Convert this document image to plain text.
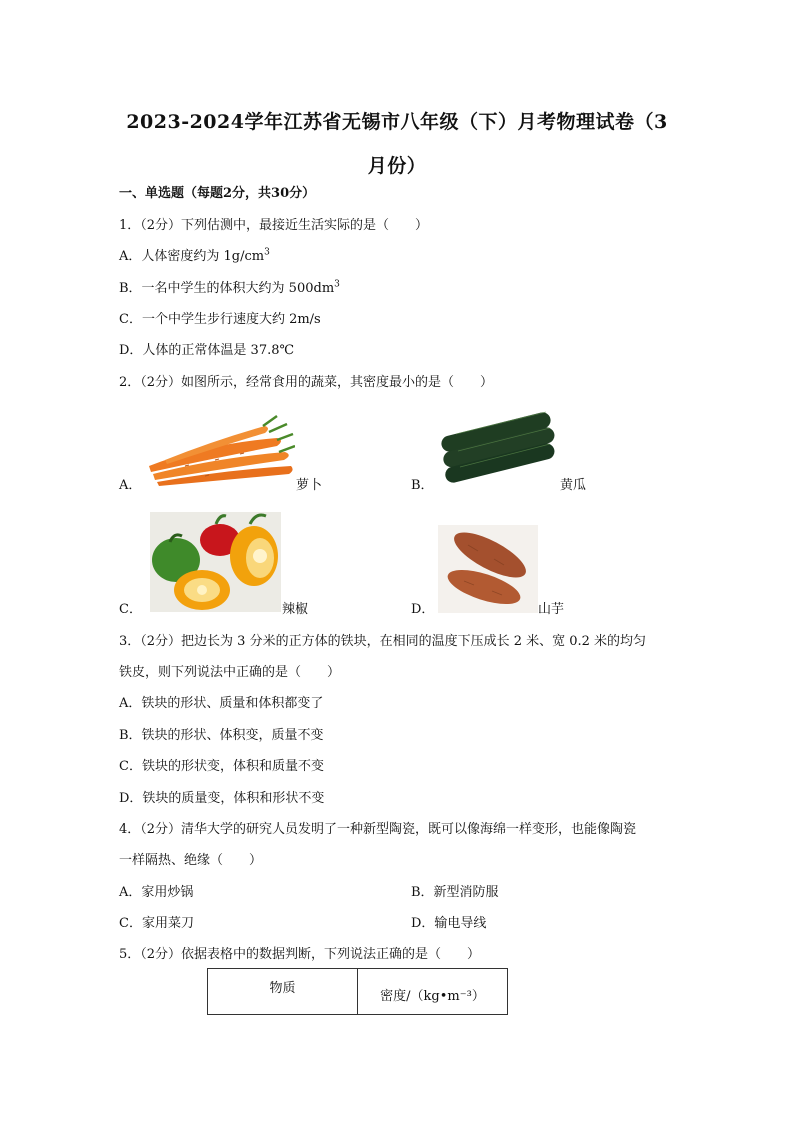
2023-2024学年江苏省无锡市八年级（下）月考物理试卷（3
月份）
一、单选题（每题2分，共30分）
1．（2分）下列估测中，最接近生活实际的是（　　）
A．人体密度约为 $1g/cm^3$
B．一名中学生的体积大约为 $500dm^3$
C．一个中学生步行速度大约 2m/s
D．人体的正常体温是 37.8℃
2．（2分）如图所示，经常食用的蔬菜，其密度最小的是（　　）
A．	萝卜	B．	黄瓜
C．	辣椒	D．	山芋
3．（2分）把边长为 3 分米的正方体的铁块，在相同的温度下压成长 2 米、宽 0.2 米的均匀
铁皮，则下列说法中正确的是（　　）
A．铁块的形状、质量和体积都变了
B．铁块的形状、体积变，质量不变
C．铁块的形状变，体积和质量不变
D．铁块的质量变，体积和形状不变
4．（2分）清华大学的研究人员发明了一种新型陶瓷，既可以像海绵一样变形，也能像陶瓷
一样隔热、绝缘（　　）
A．家用炒锅	B．新型消防服
C．家用菜刀	D．输电导线
5．（2分）依据表格中的数据判断，下列说法正确的是（　　）
物质	密度/（kg•m⁻³）
